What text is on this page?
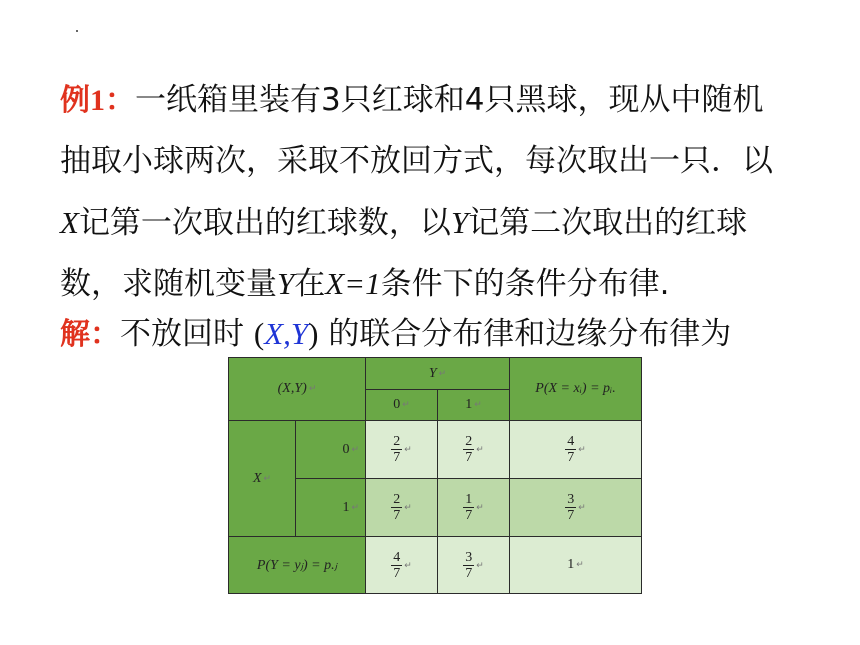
例1：一纸箱里装有3只红球和4只黑球，现从中随机
抽取小球两次，采取不放回方式，每次取出一只．以
X记第一次取出的红球数，以Y记第二次取出的红球
数，求随机变量Y在X=1条件下的条件分布律.
解：不放回时 (X,Y) 的联合分布律和边缘分布律为
(X,Y) ↵		Y ↵		P(X = xᵢ) = pᵢ.
		0 ↵	1 ↵	
X ↵	0 ↵	$\frac{2}{7}$ ↵	$\frac{2}{7}$ ↵	$\frac{4}{7}$ ↵
	1 ↵	$\frac{2}{7}$ ↵	$\frac{1}{7}$ ↵	$\frac{3}{7}$ ↵
P(Y = yⱼ) = p.ⱼ		$\frac{4}{7}$ ↵	$\frac{3}{7}$ ↵	1 ↵
